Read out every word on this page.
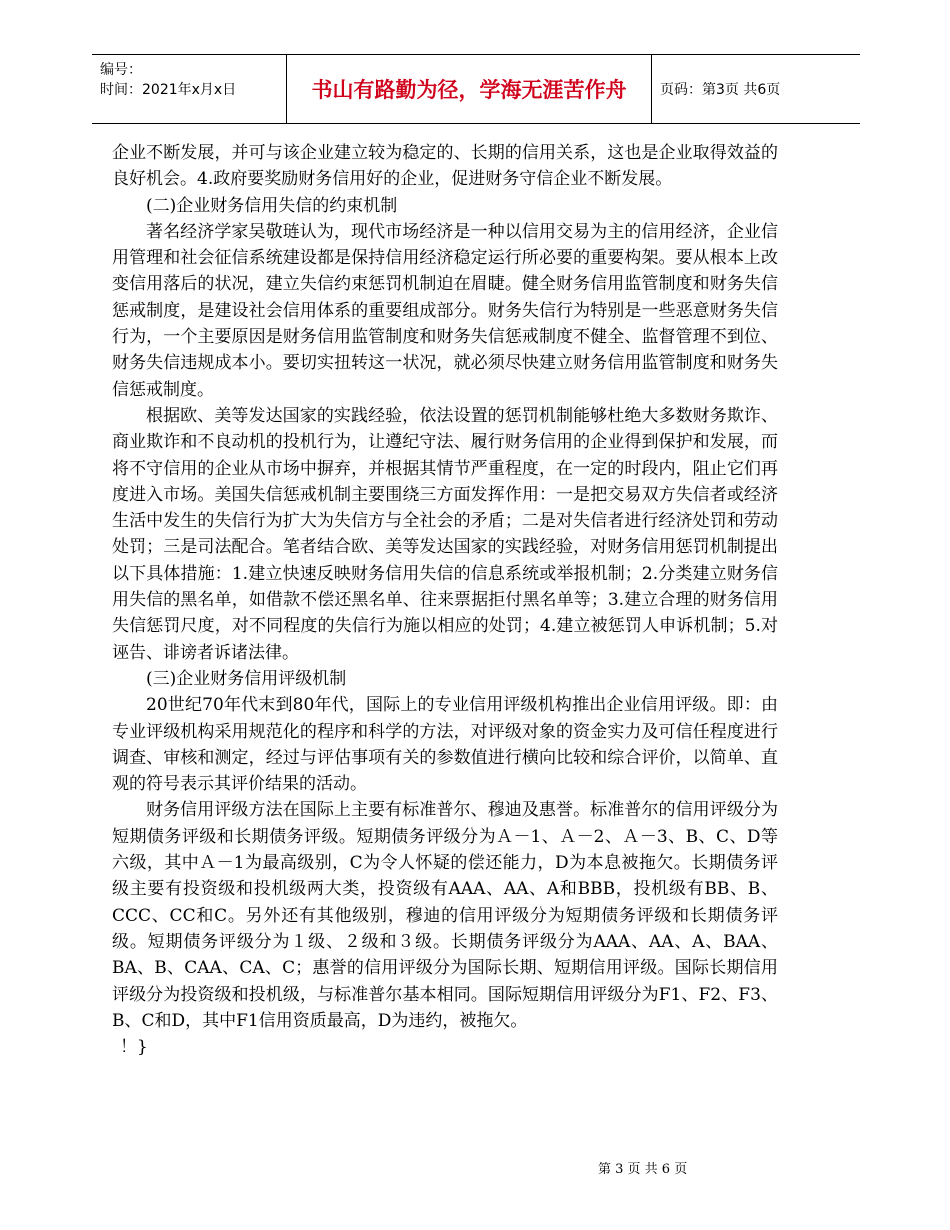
编号：
时间：2021年x月x日	书山有路勤为径，学海无涯苦作舟	页码：第3页 共6页

企业不断发展，并可与该企业建立较为稳定的、长期的信用关系，这也是企业取得效益的良好机会。4.政府要奖励财务信用好的企业，促进财务守信企业不断发展。

(二)企业财务信用失信的约束机制

著名经济学家吴敬琏认为，现代市场经济是一种以信用交易为主的信用经济，企业信用管理和社会征信系统建设都是保持信用经济稳定运行所必要的重要构架。要从根本上改变信用落后的状况，建立失信约束惩罚机制迫在眉睫。健全财务信用监管制度和财务失信惩戒制度，是建设社会信用体系的重要组成部分。财务失信行为特别是一些恶意财务失信行为，一个主要原因是财务信用监管制度和财务失信惩戒制度不健全、监督管理不到位、财务失信违规成本小。要切实扭转这一状况，就必须尽快建立财务信用监管制度和财务失信惩戒制度。

根据欧、美等发达国家的实践经验，依法设置的惩罚机制能够杜绝大多数财务欺诈、商业欺诈和不良动机的投机行为，让遵纪守法、履行财务信用的企业得到保护和发展，而将不守信用的企业从市场中摒弃，并根据其情节严重程度，在一定的时段内，阻止它们再度进入市场。美国失信惩戒机制主要围绕三方面发挥作用：一是把交易双方失信者或经济生活中发生的失信行为扩大为失信方与全社会的矛盾；二是对失信者进行经济处罚和劳动处罚；三是司法配合。笔者结合欧、美等发达国家的实践经验，对财务信用惩罚机制提出以下具体措施：1.建立快速反映财务信用失信的信息系统或举报机制；2.分类建立财务信用失信的黑名单，如借款不偿还黑名单、往来票据拒付黑名单等；3.建立合理的财务信用失信惩罚尺度，对不同程度的失信行为施以相应的处罚；4.建立被惩罚人申诉机制；5.对诬告、诽谤者诉诸法律。

(三)企业财务信用评级机制

20世纪70年代末到80年代，国际上的专业信用评级机构推出企业信用评级。即：由专业评级机构采用规范化的程序和科学的方法，对评级对象的资金实力及可信任程度进行调查、审核和测定，经过与评估事项有关的参数值进行横向比较和综合评价，以简单、直观的符号表示其评价结果的活动。

财务信用评级方法在国际上主要有标准普尔、穆迪及惠誉。标准普尔的信用评级分为短期债务评级和长期债务评级。短期债务评级分为Ａ－1、Ａ－2、Ａ－3、B、C、D等六级，其中Ａ－1为最高级别，C为令人怀疑的偿还能力，D为本息被拖欠。长期债务评级主要有投资级和投机级两大类，投资级有AAA、AA、A和BBB，投机级有BB、B、CCC、CC和C。另外还有其他级别，穆迪的信用评级分为短期债务评级和长期债务评级。短期债务评级分为１级、２级和３级。长期债务评级分为AAA、AA、A、BAA、BA、B、CAA、CA、C；惠誉的信用评级分为国际长期、短期信用评级。国际长期信用评级分为投资级和投机级，与标准普尔基本相同。国际短期信用评级分为F1、F2、F3、B、C和D，其中F1信用资质最高，D为违约，被拖欠。

！}

第 3 页 共 6 页
